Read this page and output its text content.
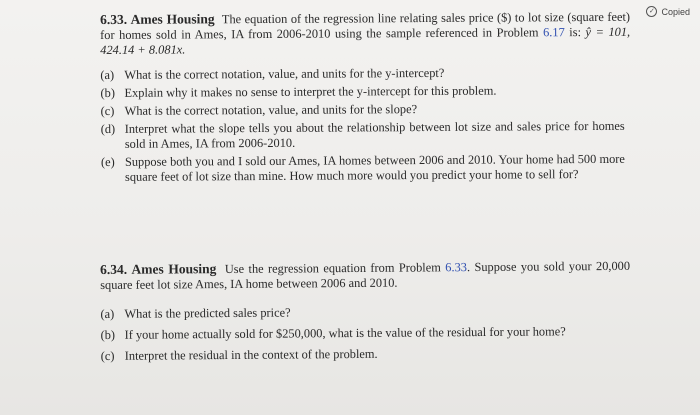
✓ Copied

6.33. Ames Housing The equation of the regression line relating sales price ($) to lot size (square feet) for homes sold in Ames, IA from 2006-2010 using the sample referenced in Problem 6.17 is: ŷ = 101, 424.14 + 8.081x.

(a) What is the correct notation, value, and units for the y-intercept?
(b) Explain why it makes no sense to interpret the y-intercept for this problem.
(c) What is the correct notation, value, and units for the slope?
(d) Interpret what the slope tells you about the relationship between lot size and sales price for homes sold in Ames, IA from 2006-2010.
(e) Suppose both you and I sold our Ames, IA homes between 2006 and 2010. Your home had 500 more square feet of lot size than mine. How much more would you predict your home to sell for?

6.34. Ames Housing Use the regression equation from Problem 6.33. Suppose you sold your 20,000 square feet lot size Ames, IA home between 2006 and 2010.

(a) What is the predicted sales price?
(b) If your home actually sold for $250,000, what is the value of the residual for your home?
(c) Interpret the residual in the context of the problem.
